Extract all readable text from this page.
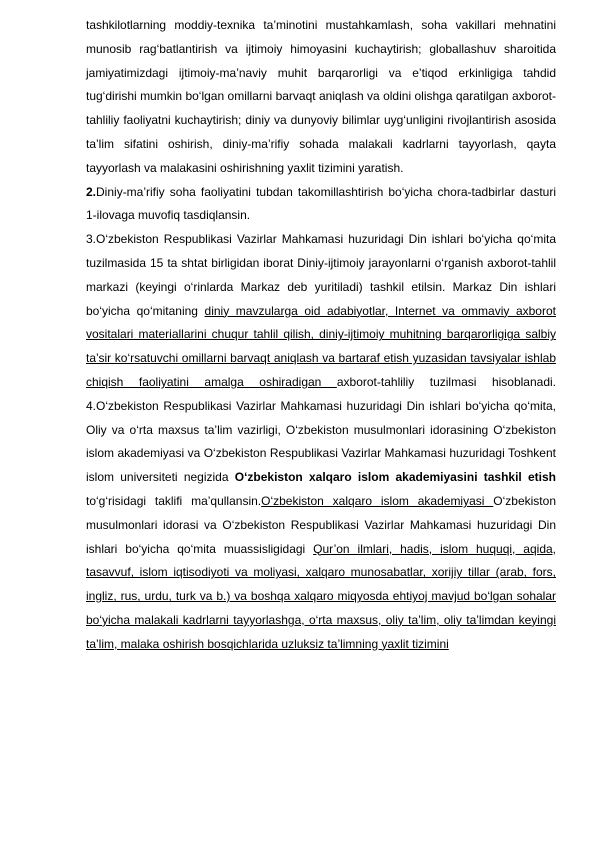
tashkilotlarning moddiy-texnika ta’minotini mustahkamlash, soha vakillari mehnatini munosib rag‘batlantirish va ijtimoiy himoyasini kuchaytirish; globallashuv sharoitida jamiyatimizdagi ijtimoiy-ma’naviy muhit barqarorligi va e’tiqod erkinligiga tahdid tug‘dirishi mumkin bo‘lgan omillarni barvaqt aniqlash va oldini olishga qaratilgan axborot-tahliliy faoliyatni kuchaytirish; diniy va dunyoviy bilimlar uyg‘unligini rivojlantirish asosida ta’lim sifatini oshirish, diniy-ma’rifiy sohada malakali kadrlarni tayyorlash, qayta tayyorlash va malakasini oshirishning yaxlit tizimini yaratish.

2.Diniy-ma’rifiy soha faoliyatini tubdan takomillashtirish bo‘yicha chora-tadbirlar dasturi 1-ilovaga muvofiq tasdiqlansin.

3.O‘zbekiston Respublikasi Vazirlar Mahkamasi huzuridagi Din ishlari bo‘yicha qo‘mita tuzilmasida 15 ta shtat birligidan iborat Diniy-ijtimoiy jarayonlarni o‘rganish axborot-tahlil markazi (keyingi o‘rinlarda Markaz deb yuritiladi) tashkil etilsin. Markaz Din ishlari bo‘yicha qo‘mitaning diniy mavzularga oid adabiyotlar, Internet va ommaviy axborot vositalari materiallarini chuqur tahlil qilish, diniy-ijtimoiy muhitning barqarorligiga salbiy ta’sir ko‘rsatuvchi omillarni barvaqt aniqlash va bartaraf etish yuzasidan tavsiyalar ishlab chiqish faoliyatini amalga oshiradigan axborot-tahliliy tuzilmasi hisoblanadi. 4.O‘zbekiston Respublikasi Vazirlar Mahkamasi huzuridagi Din ishlari bo‘yicha qo‘mita, Oliy va o‘rta maxsus ta’lim vazirligi, O‘zbekiston musulmonlari idorasining O‘zbekiston islom akademiyasi va O‘zbekiston Respublikasi Vazirlar Mahkamasi huzuridagi Toshkent islom universiteti negizida O‘zbekiston xalqaro islom akademiyasini tashkil etish to‘g‘risidagi taklifi ma’qullansin.O‘zbekiston xalqaro islom akademiyasi O‘zbekiston musulmonlari idorasi va O‘zbekiston Respublikasi Vazirlar Mahkamasi huzuridagi Din ishlari bo‘yicha qo‘mita muassisligidagi Qur’on ilmlari, hadis, islom huquqi, aqida, tasavvuf, islom iqtisodiyoti va moliyasi, xalqaro munosabatlar, xorijiy tillar (arab, fors, ingliz, rus, urdu, turk va b.) va boshqa xalqaro miqyosda ehtiyoj mavjud bo‘lgan sohalar bo‘yicha malakali kadrlarni tayyorlashga, o‘rta maxsus, oliy ta’lim, oliy ta’limdan keyingi ta’lim, malaka oshirish bosqichlarida uzluksiz ta’limning yaxlit tizimini
